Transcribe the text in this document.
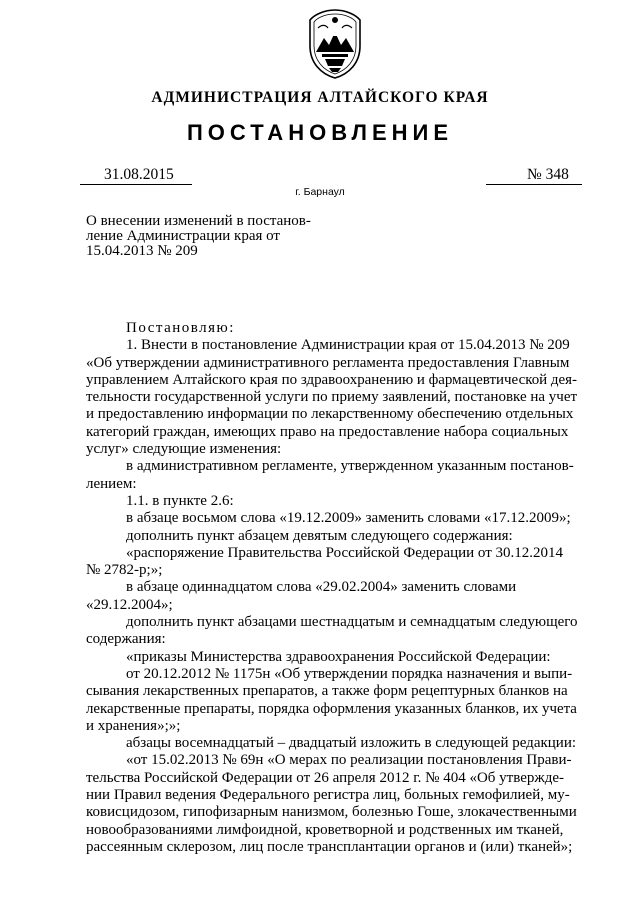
АДМИНИСТРАЦИЯ АЛТАЙСКОГО КРАЯ
ПОСТАНОВЛЕНИЕ
31.08.2015	№ 348
г. Барнаул
О внесении изменений в постанов-
ление Администрации края от
15.04.2013 № 209
Постановляю:
1. Внести в постановление Администрации края от 15.04.2013 № 209
«Об утверждении административного регламента предоставления Главным
управлением Алтайского края по здравоохранению и фармацевтической дея-
тельности государственной услуги по приему заявлений, постановке на учет
и предоставлению информации по лекарственному обеспечению отдельных
категорий граждан, имеющих право на предоставление набора социальных
услуг» следующие изменения:
в административном регламенте, утвержденном указанным постанов-
лением:
1.1. в пункте 2.6:
в абзаце восьмом слова «19.12.2009» заменить словами «17.12.2009»;
дополнить пункт абзацем девятым следующего содержания:
«распоряжение Правительства Российской Федерации от 30.12.2014
№ 2782-р;»;
в абзаце одиннадцатом слова «29.02.2004» заменить словами
«29.12.2004»;
дополнить пункт абзацами шестнадцатым и семнадцатым следующего
содержания:
«приказы Министерства здравоохранения Российской Федерации:
от 20.12.2012 № 1175н «Об утверждении порядка назначения и выпи-
сывания лекарственных препаратов, а также форм рецептурных бланков на
лекарственные препараты, порядка оформления указанных бланков, их учета
и хранения»;»;
абзацы восемнадцатый – двадцатый изложить в следующей редакции:
«от 15.02.2013 № 69н «О мерах по реализации постановления Прави-
тельства Российской Федерации от 26 апреля 2012 г. № 404 «Об утвержде-
нии Правил ведения Федерального регистра лиц, больных гемофилией, му-
ковисцидозом, гипофизарным нанизмом, болезнью Гоше, злокачественными
новообразованиями лимфоидной, кроветворной и родственных им тканей,
рассеянным склерозом, лиц после трансплантации органов и (или) тканей»;
